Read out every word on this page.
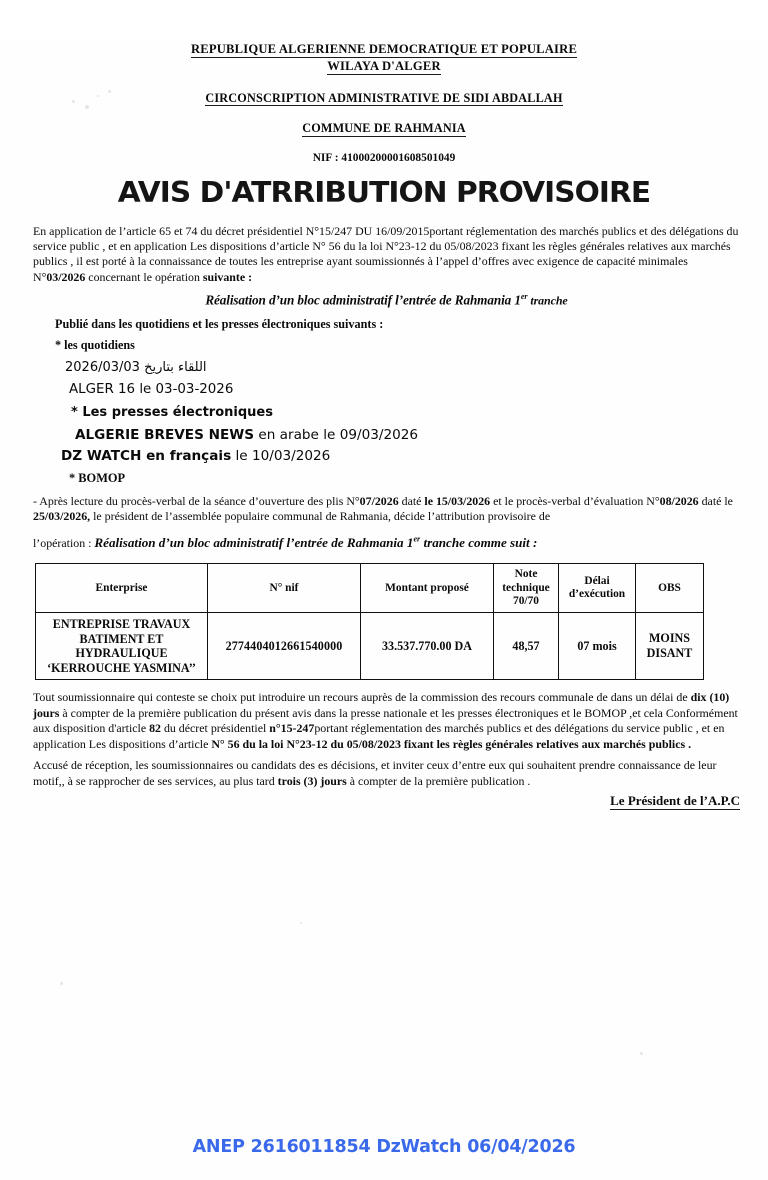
REPUBLIQUE ALGERIENNE DEMOCRATIQUE ET POPULAIRE
WILAYA D'ALGER
CIRCONSCRIPTION ADMINISTRATIVE DE SIDI ABDALLAH
COMMUNE DE RAHMANIA
NIF : 41000200001608501049
AVIS D'ATRRIBUTION PROVISOIRE

En application de l’article 65 et 74 du décret présidentiel N°15/247 DU 16/09/2015portant réglementation des marchés publics et des délégations du service public , et en application Les dispositions d’article N° 56 du la loi N°23-12 du 05/08/2023 fixant les règles générales relatives aux marchés publics , il est porté à la connaissance de toutes les entreprise ayant soumissionnés à l’appel d’offres avec exigence de capacité minimales N°03/2026 concernant le opération suivante :

Réalisation d’un bloc administratif l’entrée de Rahmania 1er tranche
Publié dans les quotidiens et les presses électroniques suivants :
* les quotidiens
اللقاء بتاريخ 2026/03/03
ALGER 16 le 03-03-2026
* Les presses électroniques
ALGERIE BREVES NEWS en arabe le 09/03/2026
DZ WATCH en français le 10/03/2026
* BOMOP

- Après lecture du procès-verbal de la séance d’ouverture des plis N°07/2026 daté le 15/03/2026 et le procès-verbal d’évaluation N°08/2026 daté le 25/03/2026, le président de l’assemblée populaire communal de Rahmania, décide l’attribution provisoire de

l’opération : Réalisation d’un bloc administratif l’entrée de Rahmania 1er tranche comme suit :

Enterprise	N° nif	Montant proposé	Note
technique
70/70	Délai
d’exécution	OBS
ENTREPRISE TRAVAUX
BATIMENT ET
HYDRAULIQUE
‘KERROUCHE YASMINA’’	2774404012661540000	33.537.770.00 DA	48,57	07 mois	MOINS
DISANT

Tout soumissionnaire qui conteste se choix put introduire un recours auprès de la commission des recours communale de dans un délai de dix (10) jours à compter de la première publication du présent avis dans la presse nationale et les presses électroniques et le BOMOP ,et cela Conformément aux disposition d'article 82 du décret présidentiel n°15-247portant réglementation des marchés publics et des délégations du service public , et en application Les dispositions d’article N° 56 du la loi N°23-12 du 05/08/2023 fixant les règles générales relatives aux marchés publics .

Accusé de réception, les soumissionnaires ou candidats des es décisions, et inviter ceux d’entre eux qui souhaitent prendre connaissance de leur motif,, à se rapprocher de ses services, au plus tard trois (3) jours à compter de la première publication .

Le Président de l’A.P.C
ANEP 2616011854 DzWatch 06/04/2026
